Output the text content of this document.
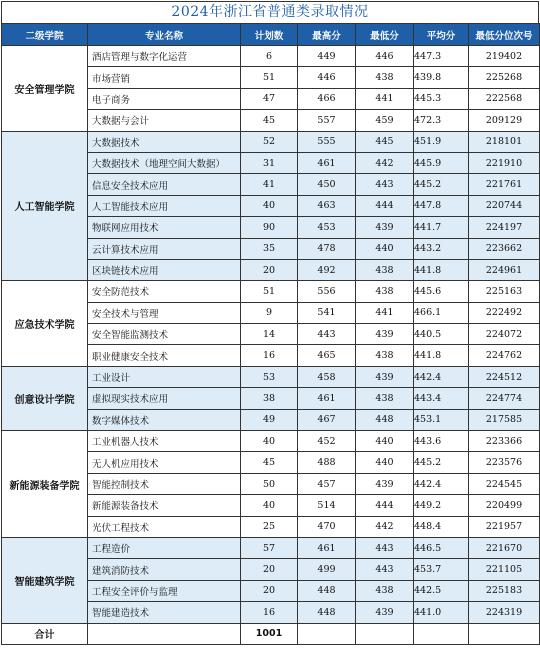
2024年浙江省普通类录取情况
二级学院	专业名称	计划数	最高分	最低分	平均分	最低分位次号
安全管理学院	酒店管理与数字化运营	6	449	446	447.3	219402
	市场营销	51	446	438	439.8	225268
	电子商务	47	466	441	445.3	222568
	大数据与会计	45	557	459	472.3	209129
人工智能学院	大数据技术	52	555	445	451.9	218101
	大数据技术（地理空间大数据）	31	461	442	445.9	221910
	信息安全技术应用	41	450	443	445.2	221761
	人工智能技术应用	40	463	444	447.8	220744
	物联网应用技术	90	453	439	441.7	224197
	云计算技术应用	35	478	440	443.2	223662
	区块链技术应用	20	492	438	441.8	224961
应急技术学院	安全防范技术	51	556	438	445.6	225163
	安全技术与管理	9	541	441	466.1	222492
	安全智能监测技术	14	443	439	440.5	224072
	职业健康安全技术	16	465	438	441.8	224762
创意设计学院	工业设计	53	458	439	442.4	224512
	虚拟现实技术应用	38	461	438	443.4	224774
	数字媒体技术	49	467	448	453.1	217585
新能源装备学院	工业机器人技术	40	452	440	443.6	223366
	无人机应用技术	45	488	440	445.2	223576
	智能控制技术	50	457	439	442.4	224545
	新能源装备技术	40	514	444	449.2	220499
	光伏工程技术	25	470	442	448.4	221957
智能建筑学院	工程造价	57	461	443	446.5	221670
	建筑消防技术	20	499	443	453.7	221105
	工程安全评价与监理	20	448	438	442.5	225183
	智能建造技术	16	448	439	441.0	224319
合计		1001				
